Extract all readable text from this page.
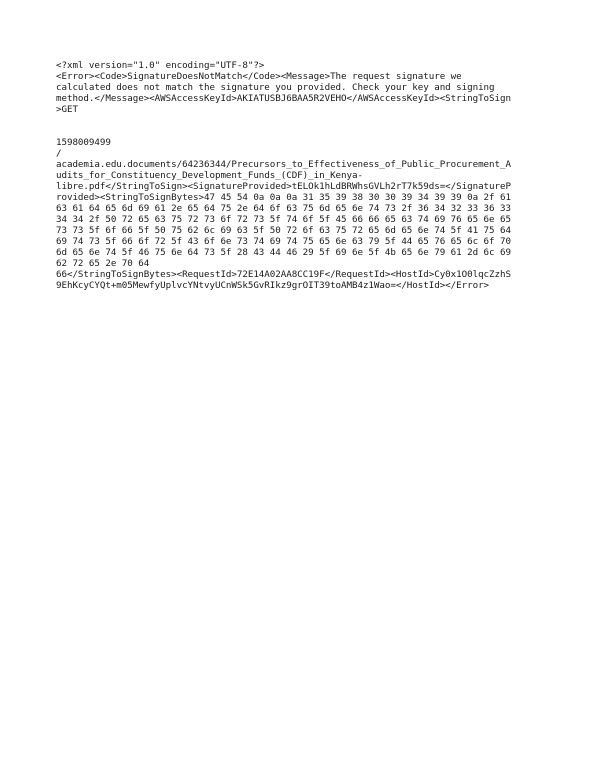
<?xml version="1.0" encoding="UTF-8"?>
<Error><Code>SignatureDoesNotMatch</Code><Message>The request signature we
calculated does not match the signature you provided. Check your key and signing
method.</Message><AWSAccessKeyId>AKIATUSBJ6BAA5R2VEHO</AWSAccessKeyId><StringToSign
>GET
1598009499
/
academia.edu.documents/64236344/Precursors_to_Effectiveness_of_Public_Procurement_A
udits_for_Constituency_Development_Funds_(CDF)_in_Kenya-
libre.pdf</StringToSign><SignatureProvided>tELOk1hLdBRWhsGVLh2rT7k59ds=</SignatureP
rovided><StringToSignBytes>47 45 54 0a 0a 0a 31 35 39 38 30 30 39 34 39 39 0a 2f 61
63 61 64 65 6d 69 61 2e 65 64 75 2e 64 6f 63 75 6d 65 6e 74 73 2f 36 34 32 33 36 33
34 34 2f 50 72 65 63 75 72 73 6f 72 73 5f 74 6f 5f 45 66 66 65 63 74 69 76 65 6e 65
73 73 5f 6f 66 5f 50 75 62 6c 69 63 5f 50 72 6f 63 75 72 65 6d 65 6e 74 5f 41 75 64
69 74 73 5f 66 6f 72 5f 43 6f 6e 73 74 69 74 75 65 6e 63 79 5f 44 65 76 65 6c 6f 70
6d 65 6e 74 5f 46 75 6e 64 73 5f 28 43 44 46 29 5f 69 6e 5f 4b 65 6e 79 61 2d 6c 69
62 72 65 2e 70 64
66</StringToSignBytes><RequestId>72E14A02AA8CC19F</RequestId><HostId>Cy0x1O0lqcZzhS
9EhKcyCYQt+m05MewfyUplvcYNtvyUCnWSk5GvRIkz9grOIT39toAMB4z1Wao=</HostId></Error>
